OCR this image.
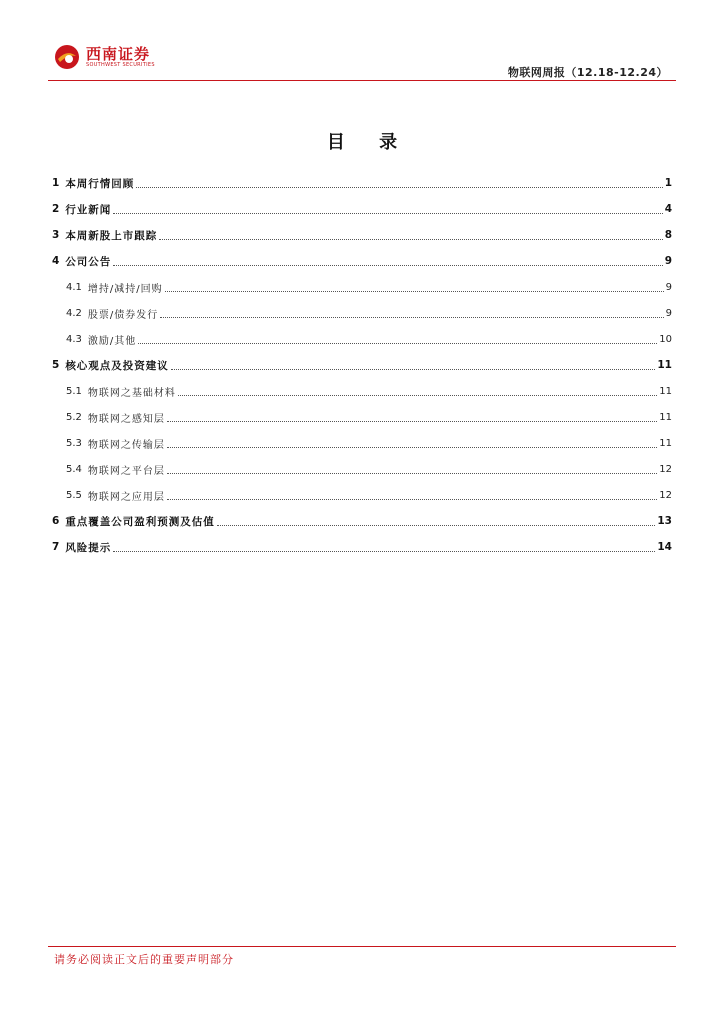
西南证券
SOUTHWEST SECURITIES
物联网周报（12.18-12.24）
目 录
1 本周行情回顾	1
2 行业新闻	4
3 本周新股上市跟踪	8
4 公司公告	9
4.1 增持/减持/回购	9
4.2 股票/债券发行	9
4.3 激励/其他	10
5 核心观点及投资建议	11
5.1 物联网之基础材料	11
5.2 物联网之感知层	11
5.3 物联网之传输层	11
5.4 物联网之平台层	12
5.5 物联网之应用层	12
6 重点覆盖公司盈利预测及估值	13
7 风险提示	14
请务必阅读正文后的重要声明部分
